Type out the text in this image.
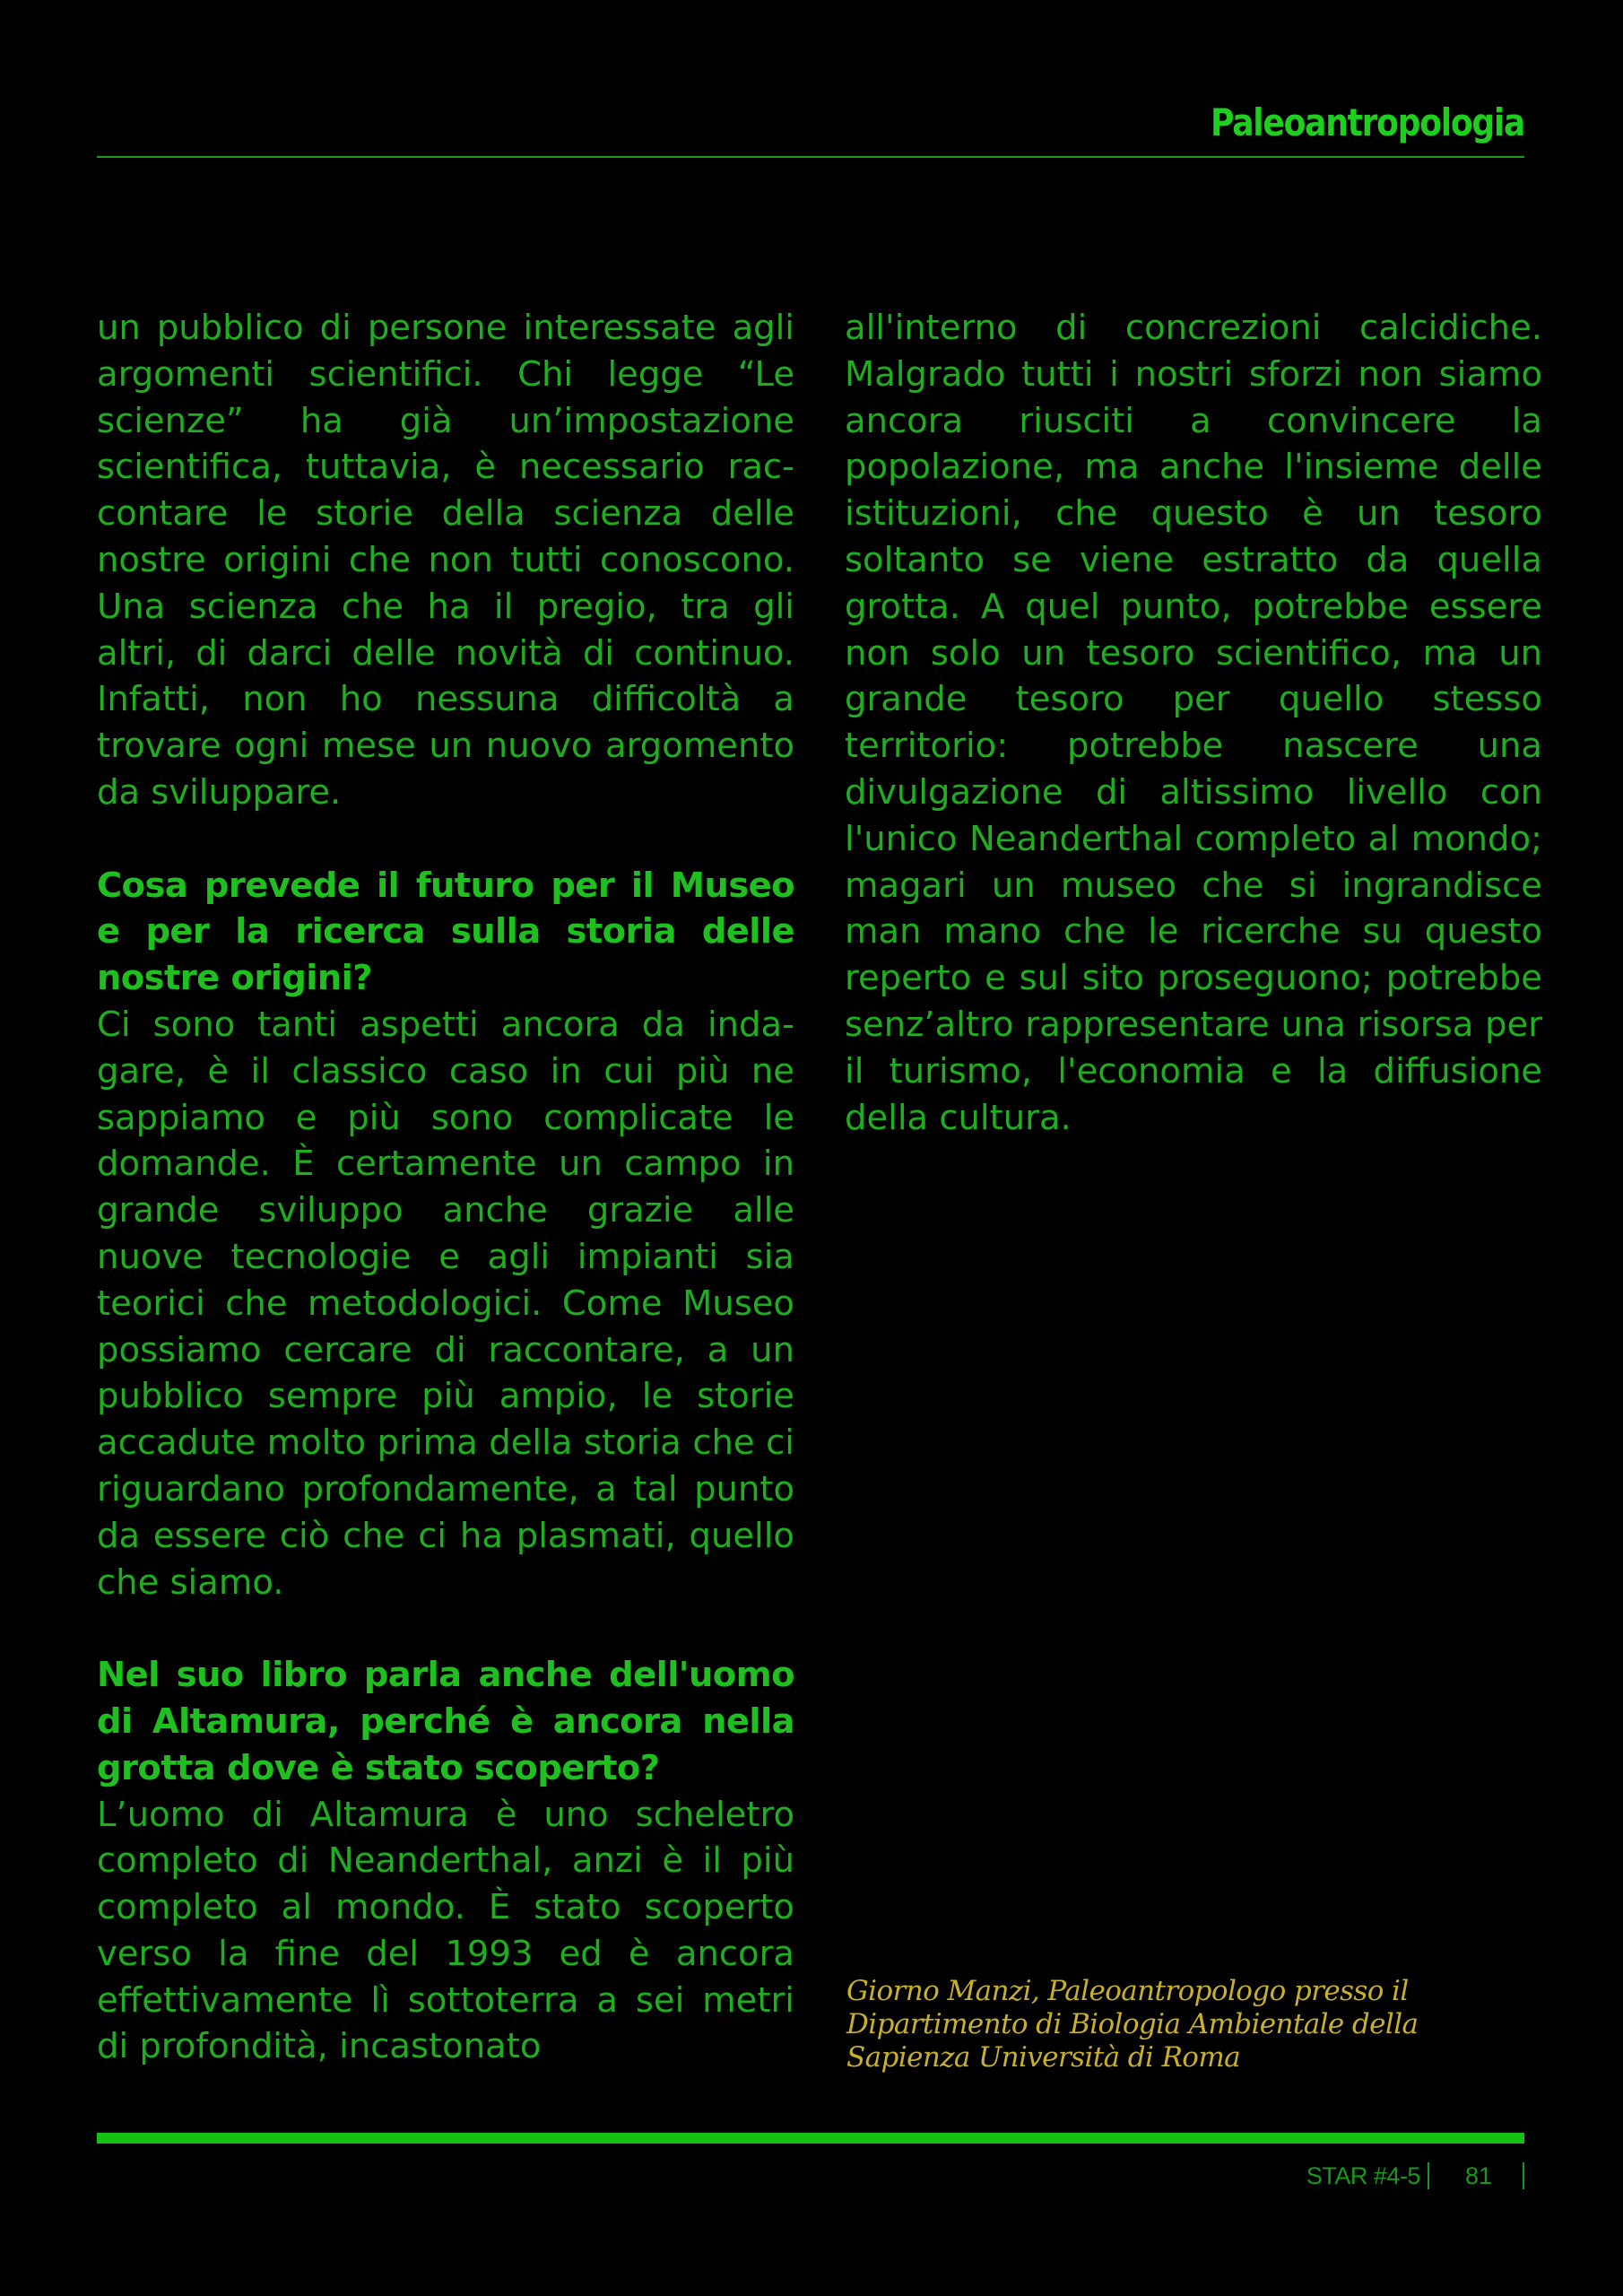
Paleoantropologia

un pubblico di persone interessate agli argomenti scientifici. Chi legge “Le scienze” ha già un’impostazione scientifica, tuttavia, è necessario raccontare le storie della scienza delle nostre origini che non tutti conoscono. Una scienza che ha il pregio, tra gli altri, di darci delle novità di continuo. Infatti, non ho nessuna difficoltà a trovare ogni mese un nuovo argomento da sviluppare.

Cosa prevede il futuro per il Museo e per la ricerca sulla storia delle nostre origini?

Ci sono tanti aspetti ancora da indagare, è il classico caso in cui più ne sappiamo e più sono complicate le domande. È certamente un campo in grande sviluppo anche grazie alle nuove tecnologie e agli impianti sia teorici che metodologici. Come Museo possiamo cercare di raccontare, a un pubblico sempre più ampio, le storie accadute molto prima della storia che ci riguardano profondamente, a tal punto da essere ciò che ci ha plasmati, quello che siamo.

Nel suo libro parla anche dell'uomo di Altamura, perché è ancora nella grotta dove è stato scoperto?

L’uomo di Altamura è uno scheletro completo di Neanderthal, anzi è il più completo al mondo. È stato scoperto verso la fine del 1993 ed è ancora effettivamente lì sottoterra a sei metri di profondità, incastonato

all'interno di concrezioni calcidiche. Malgrado tutti i nostri sforzi non siamo ancora riusciti a convincere la popolazione, ma anche l'insieme delle istituzioni, che questo è un tesoro soltanto se viene estratto da quella grotta. A quel punto, potrebbe essere non solo un tesoro scientifico, ma un grande tesoro per quello stesso territorio: potrebbe nascere una divulgazione di altissimo livello con l'unico Neanderthal completo al mondo; magari un museo che si ingrandisce man mano che le ricerche su questo reperto e sul sito proseguono; potrebbe senz’altro rappresentare una risorsa per il turismo, l'economia e la diffusione della cultura.

Giorno Manzi, Paleoantropologo presso il Dipartimento di Biologia Ambientale della Sapienza Università di Roma
STAR #4-5 81
